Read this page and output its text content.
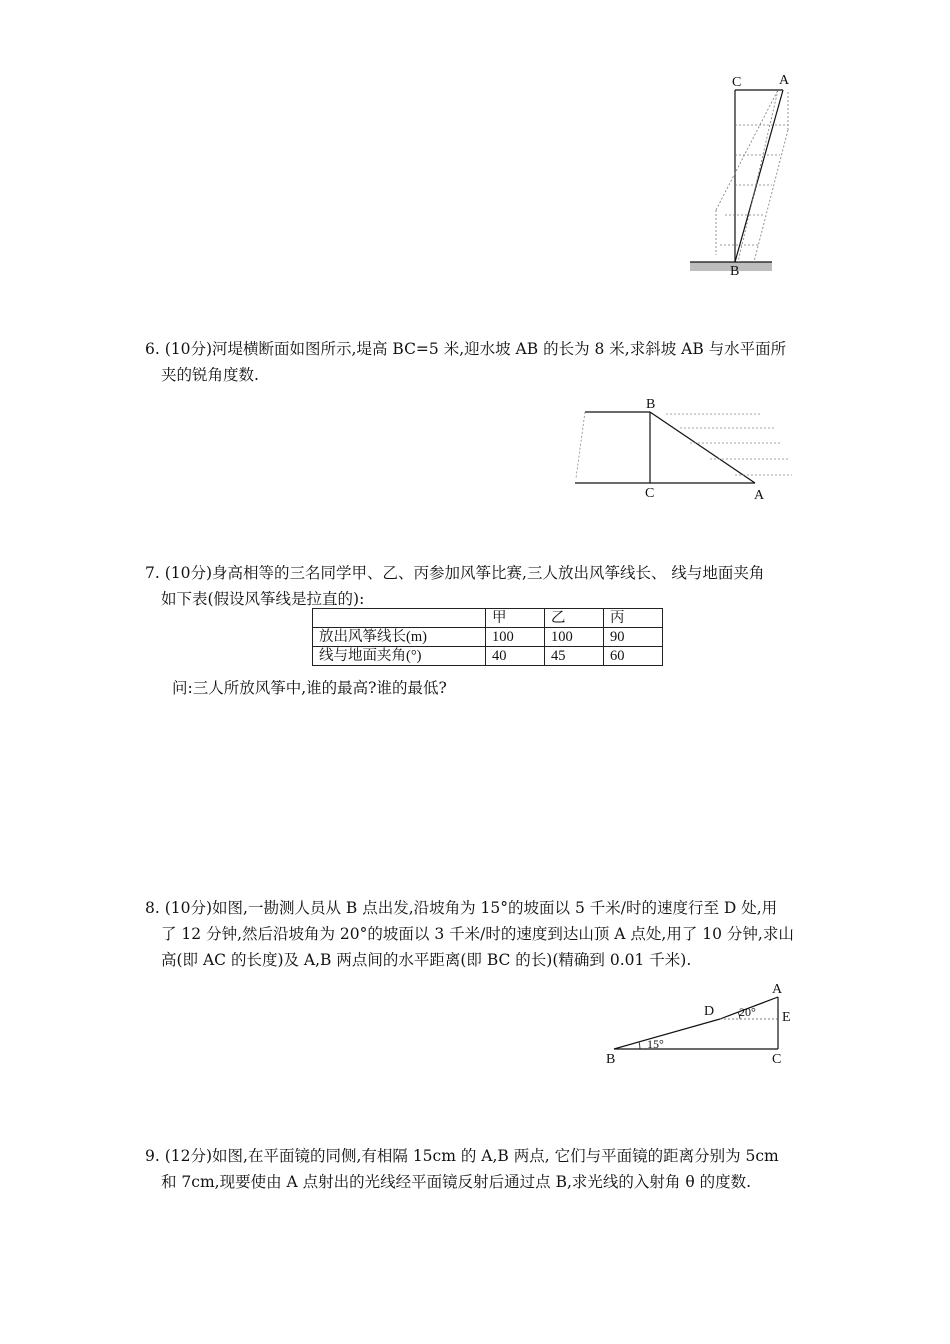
C	A
B
6. (10分)河堤横断面如图所示,堤高 BC=5 米,迎水坡 AB 的长为 8 米,求斜坡 AB 与水平面所
夹的锐角度数.
B
C	A
7. (10分)身高相等的三名同学甲、乙、丙参加风筝比赛,三人放出风筝线长、 线与地面夹角
如下表(假设风筝线是拉直的):
	甲	乙	丙
放出风筝线长(m)	100	100	90
线与地面夹角(°)	40	45	60
问:三人所放风筝中,谁的最高?谁的最低?
8. (10分)如图,一勘测人员从 B 点出发,沿坡角为 15°的坡面以 5 千米/时的速度行至 D 处,用
了 12 分钟,然后沿坡角为 20°的坡面以 3 千米/时的速度到达山顶 A 点处,用了 10 分钟,求山
高(即 AC 的长度)及 A,B 两点间的水平距离(即 BC 的长)(精确到 0.01 千米).
A
D 20° E
15°
B	C
9. (12分)如图,在平面镜的同侧,有相隔 15cm 的 A,B 两点, 它们与平面镜的距离分别为 5cm
和 7cm,现要使由 A 点射出的光线经平面镜反射后通过点 B,求光线的入射角 θ 的度数.
